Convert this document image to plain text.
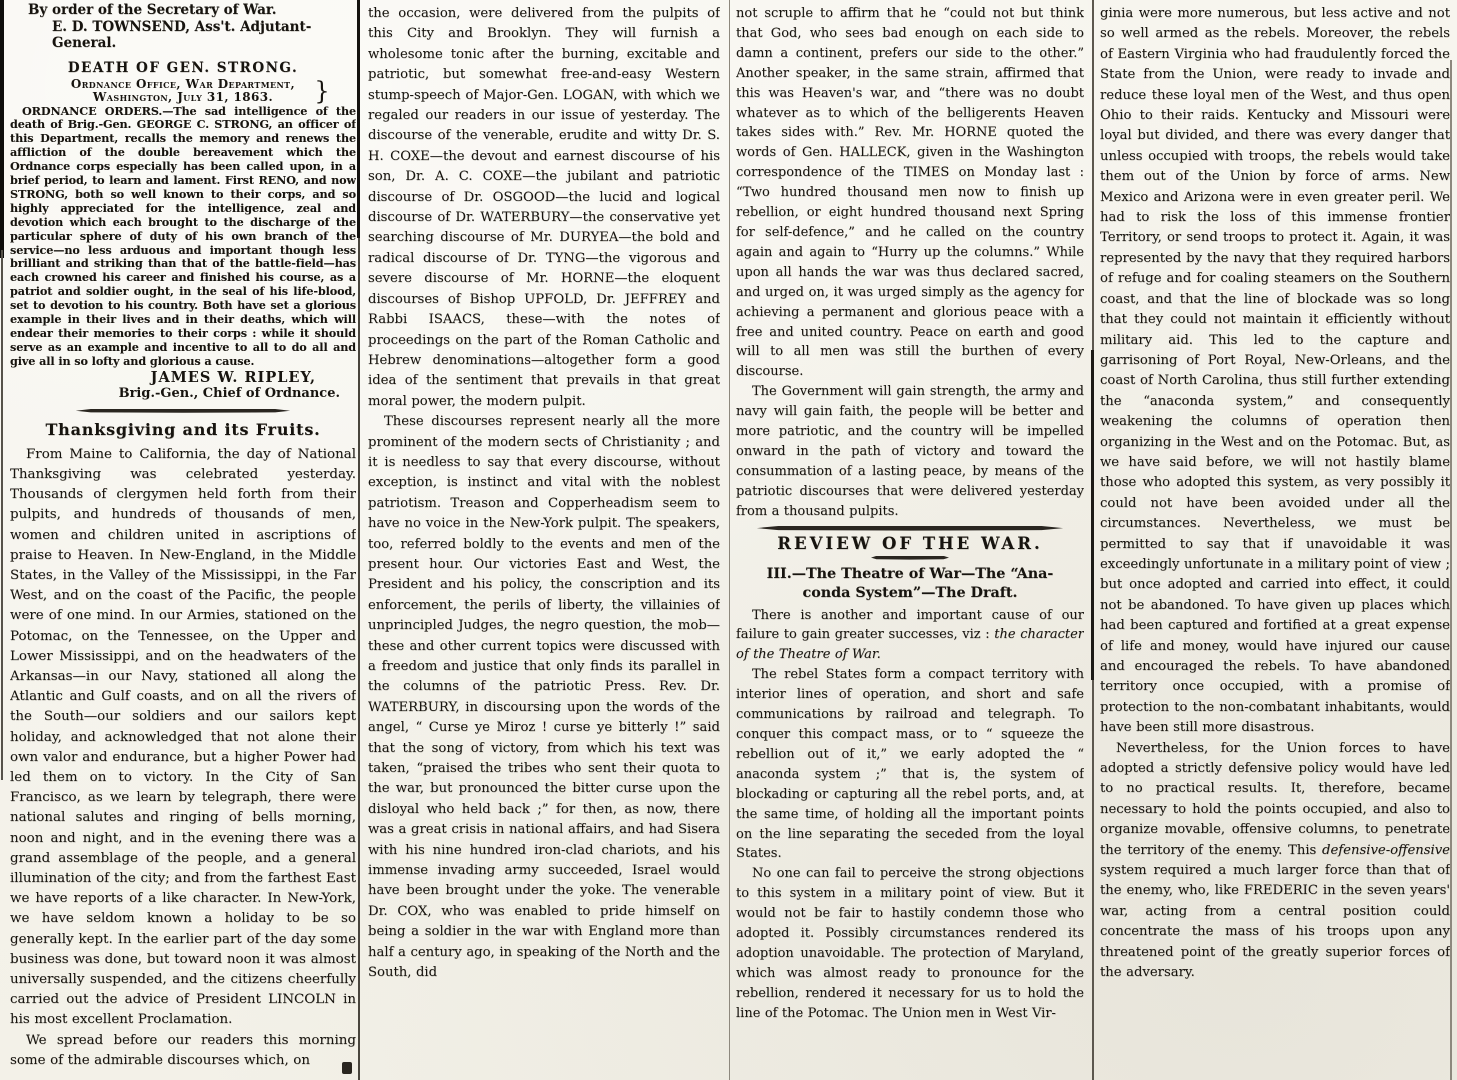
By order of the Secretary of War.
E. D. TOWNSEND, Ass't. Adjutant-General.
DEATH OF GEN. STRONG.
Ordnance Office, War Department,
Washington, July 31, 1863.	}

ORDNANCE ORDERS.—The sad intelligence of the death of Brig.-Gen. GEORGE C. STRONG, an officer of this Department, recalls the memory and renews the affliction of the double bereavement which the Ordnance corps especially has been called upon, in a brief period, to learn and lament. First RENO, and now STRONG, both so well known to their corps, and so highly appreciated for the intelligence, zeal and devotion which each brought to the discharge of the particular sphere of duty of his own branch of the service—no less arduous and important though less brilliant and striking than that of the battle-field—has each crowned his career and finished his course, as a patriot and soldier ought, in the seal of his life-blood, set to devotion to his country. Both have set a glorious example in their lives and in their deaths, which will endear their memories to their corps : while it should serve as an example and incentive to all to do all and give all in so lofty and glorious a cause.

JAMES W. RIPLEY,
Brig.-Gen., Chief of Ordnance.
Thanksgiving and its Fruits.

From Maine to California, the day of National Thanksgiving was celebrated yesterday. Thousands of clergymen held forth from their pulpits, and hundreds of thousands of men, women and children united in ascriptions of praise to Heaven. In New-England, in the Middle States, in the Valley of the Mississippi, in the Far West, and on the coast of the Pacific, the people were of one mind. In our Armies, stationed on the Potomac, on the Tennessee, on the Upper and Lower Mississippi, and on the headwaters of the Arkansas—in our Navy, stationed all along the Atlantic and Gulf coasts, and on all the rivers of the South—our soldiers and our sailors kept holiday, and acknowledged that not alone their own valor and endurance, but a higher Power had led them on to victory. In the City of San Francisco, as we learn by telegraph, there were national salutes and ringing of bells morning, noon and night, and in the evening there was a grand assemblage of the people, and a general illumination of the city; and from the farthest East we have reports of a like character. In New-York, we have seldom known a holiday to be so generally kept. In the earlier part of the day some business was done, but toward noon it was almost universally suspended, and the citizens cheerfully carried out the advice of President LINCOLN in his most excellent Proclamation.

We spread before our readers this morning some of the admirable discourses which, on

the occasion, were delivered from the pulpits of this City and Brooklyn. They will furnish a wholesome tonic after the burning, excitable and patriotic, but somewhat free-and-easy Western stump-speech of Major-Gen. LOGAN, with which we regaled our readers in our issue of yesterday. The discourse of the venerable, erudite and witty Dr. S. H. COXE—the devout and earnest discourse of his son, Dr. A. C. COXE—the jubilant and patriotic discourse of Dr. OSGOOD—the lucid and logical discourse of Dr. WATERBURY—the conservative yet searching discourse of Mr. DURYEA—the bold and radical discourse of Dr. TYNG—the vigorous and severe discourse of Mr. HORNE—the eloquent discourses of Bishop UPFOLD, Dr. JEFFREY and Rabbi ISAACS, these—with the notes of proceedings on the part of the Roman Catholic and Hebrew denominations—altogether form a good idea of the sentiment that prevails in that great moral power, the modern pulpit.

These discourses represent nearly all the more prominent of the modern sects of Christianity ; and it is needless to say that every discourse, without exception, is instinct and vital with the noblest patriotism. Treason and Copperheadism seem to have no voice in the New-York pulpit. The speakers, too, referred boldly to the events and men of the present hour. Our victories East and West, the President and his policy, the conscription and its enforcement, the perils of liberty, the villainies of unprincipled Judges, the negro question, the mob—these and other current topics were discussed with a freedom and justice that only finds its parallel in the columns of the patriotic Press. Rev. Dr. WATERBURY, in discoursing upon the words of the angel, “ Curse ye Miroz ! curse ye bitterly !” said that the song of victory, from which his text was taken, “praised the tribes who sent their quota to the war, but pronounced the bitter curse upon the disloyal who held back ;” for then, as now, there was a great crisis in national affairs, and had Sisera with his nine hundred iron-clad chariots, and his immense invading army succeeded, Israel would have been brought under the yoke. The venerable Dr. COX, who was enabled to pride himself on being a soldier in the war with England more than half a century ago, in speaking of the North and the South, did

not scruple to affirm that he “could not but think that God, who sees bad enough on each side to damn a continent, prefers our side to the other.” Another speaker, in the same strain, affirmed that this was Heaven's war, and “there was no doubt whatever as to which of the belligerents Heaven takes sides with.” Rev. Mr. HORNE quoted the words of Gen. HALLECK, given in the Washington correspondence of the TIMES on Monday last : “Two hundred thousand men now to finish up rebellion, or eight hundred thousand next Spring for self-defence,” and he called on the country again and again to “Hurry up the columns.” While upon all hands the war was thus declared sacred, and urged on, it was urged simply as the agency for achieving a permanent and glorious peace with a free and united country. Peace on earth and good will to all men was still the burthen of every discourse.

The Government will gain strength, the army and navy will gain faith, the people will be better and more patriotic, and the country will be impelled onward in the path of victory and toward the consummation of a lasting peace, by means of the patriotic discourses that were delivered yesterday from a thousand pulpits.

REVIEW OF THE WAR.
III.—The Theatre of War—The “Ana-
conda System”—The Draft.

There is another and important cause of our failure to gain greater successes, viz : the character of the Theatre of War.

The rebel States form a compact territory with interior lines of operation, and short and safe communications by railroad and telegraph. To conquer this compact mass, or to “ squeeze the rebellion out of it,” we early adopted the “ anaconda system ;” that is, the system of blockading or capturing all the rebel ports, and, at the same time, of holding all the important points on the line separating the seceded from the loyal States.

No one can fail to perceive the strong objections to this system in a military point of view. But it would not be fair to hastily condemn those who adopted it. Possibly circumstances rendered its adoption unavoidable. The protection of Maryland, which was almost ready to pronounce for the rebellion, rendered it necessary for us to hold the line of the Potomac. The Union men in West Vir-

ginia were more numerous, but less active and not so well armed as the rebels. Moreover, the rebels of Eastern Virginia who had fraudulently forced the State from the Union, were ready to invade and reduce these loyal men of the West, and thus open Ohio to their raids. Kentucky and Missouri were loyal but divided, and there was every danger that unless occupied with troops, the rebels would take them out of the Union by force of arms. New Mexico and Arizona were in even greater peril. We had to risk the loss of this immense frontier Territory, or send troops to protect it. Again, it was represented by the navy that they required harbors of refuge and for coaling steamers on the Southern coast, and that the line of blockade was so long that they could not maintain it efficiently without military aid. This led to the capture and garrisoning of Port Royal, New-Orleans, and the coast of North Carolina, thus still further extending the “anaconda system,” and consequently weakening the columns of operation then organizing in the West and on the Potomac. But, as we have said before, we will not hastily blame those who adopted this system, as very possibly it could not have been avoided under all the circumstances. Nevertheless, we must be permitted to say that if unavoidable it was exceedingly unfortunate in a military point of view ; but once adopted and carried into effect, it could not be abandoned. To have given up places which had been captured and fortified at a great expense of life and money, would have injured our cause and encouraged the rebels. To have abandoned territory once occupied, with a promise of protection to the non-combatant inhabitants, would have been still more disastrous.

Nevertheless, for the Union forces to have adopted a strictly defensive policy would have led to no practical results. It, therefore, became necessary to hold the points occupied, and also to organize movable, offensive columns, to penetrate the territory of the enemy. This defensive-offensive system required a much larger force than that of the enemy, who, like FREDERIC in the seven years' war, acting from a central position could concentrate the mass of his troops upon any threatened point of the greatly superior forces of the adversary.
